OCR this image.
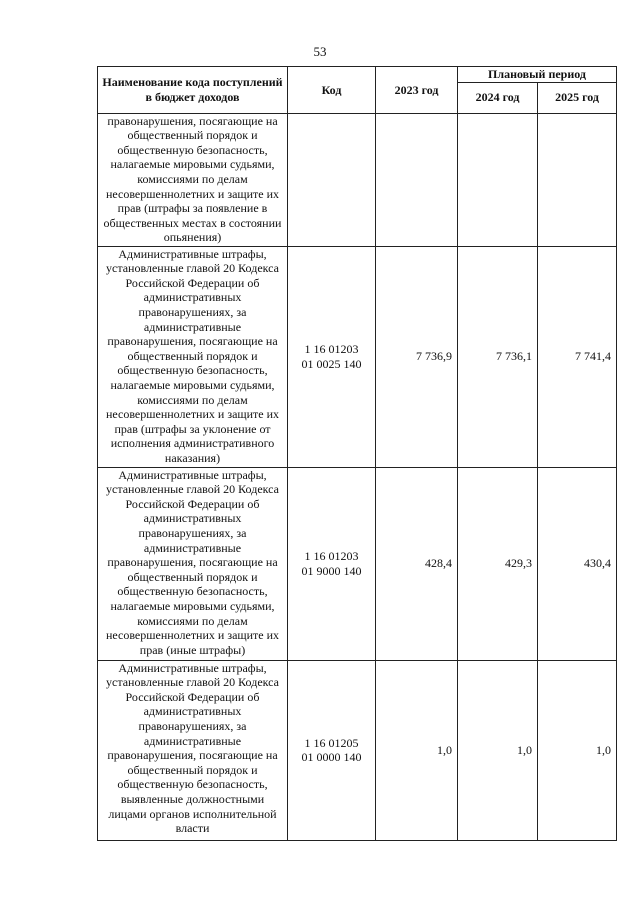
53
Наименование кода поступлений в бюджет доходов	Код	2023 год	Плановый период	
			2024 год	2025 год
правонарушения, посягающие на общественный порядок и общественную безопасность, налагаемые мировыми судьями, комиссиями по делам несовершеннолетних и защите их прав (штрафы за появление в общественных местах в состоянии опьянения)	

Административные штрафы, установленные главой 20 Кодекса Российской Федерации об административных правонарушениях, за административные правонарушения, посягающие на общественный порядок и общественную безопасность, налагаемые мировыми судьями, комиссиями по делам несовершеннолетних и защите их прав (штрафы за уклонение от исполнения административного наказания)	1 16 01203
01 0025 140	7 736,9	7 736,1	7 741,4
Административные штрафы, установленные главой 20 Кодекса Российской Федерации об административных правонарушениях, за административные правонарушения, посягающие на общественный порядок и общественную безопасность, налагаемые мировыми судьями, комиссиями по делам несовершеннолетних и защите их прав (иные штрафы)	1 16 01203
01 9000 140	428,4	429,3	430,4
Административные штрафы, установленные главой 20 Кодекса Российской Федерации об административных правонарушениях, за административные правонарушения, посягающие на общественный порядок и общественную безопасность, выявленные должностными лицами органов исполнительной власти	1 16 01205
01 0000 140	1,0	1,0	1,0
